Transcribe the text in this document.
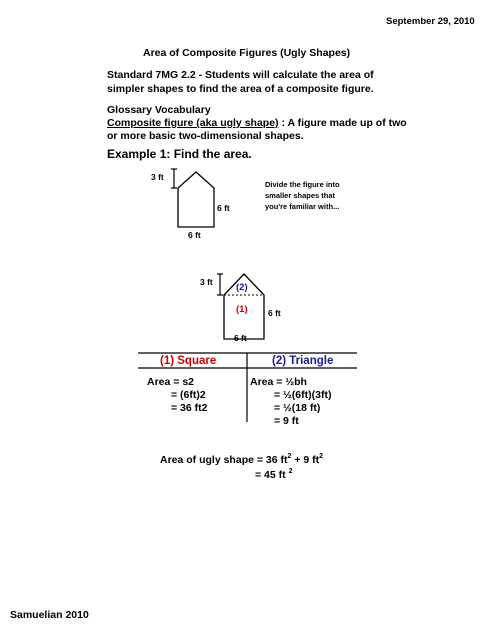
September 29, 2010
Area of Composite Figures (Ugly Shapes)
Standard 7MG 2.2 - Students will calculate the area of
simpler shapes to find the area of a composite figure.
Glossary Vocabulary
Composite figure (aka ugly shape) : A figure made up of two
or more basic two-dimensional shapes.
Example 1: Find the area.
3 ft
6 ft
6 ft
Divide the figure into
smaller shapes that
you're familiar with...
3 ft (2)
(1) 6 ft
6 ft
(1) Square	(2) Triangle
Area = s2
= (6ft)2
= 36 ft2
Area = ½bh
= ½(6ft)(3ft)
= ½(18 ft)
= 9 ft
Area of ugly shape = 36 $ft^2 + 9$ $ft^2$
= 45 ft $^2$
Samuelian 2010
